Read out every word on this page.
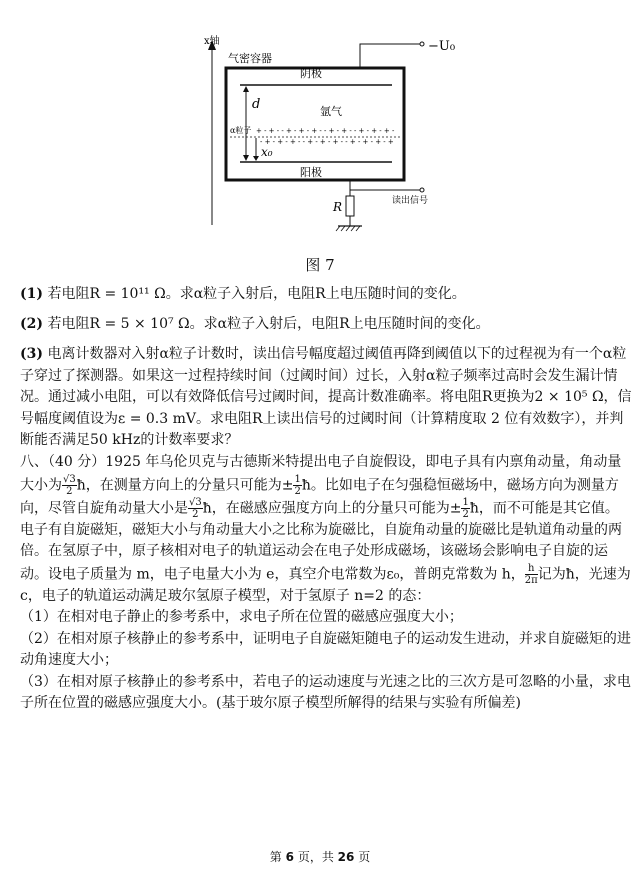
x轴
气密容器
阴极
阳极
氩气
d
x₀
α粒子 + - + - - + - + - + - - + - + - - + - + - + -
- + - + - + - - + - + - + - - + - + - + - +
−U₀
R	读出信号
图 7
(1) 若电阻R = 10¹¹ Ω。求α粒子入射后，电阻R上电压随时间的变化。
(2) 若电阻R = 5 × 10⁷ Ω。求α粒子入射后，电阻R上电压随时间的变化。
(3) 电离计数器对入射α粒子计数时，读出信号幅度超过阈值再降到阈值以下的过程视为有一个α粒子穿过了探测器。如果这一过程持续时间（过阈时间）过长，入射α粒子频率过高时会发生漏计情况。通过减小电阻，可以有效降低信号过阈时间，提高计数准确率。将电阻R更换为2 × 10⁵ Ω，信号幅度阈值设为ε = 0.3 mV。求电阻R上读出信号的过阈时间（计算精度取 2 位有效数字），并判断能否满足50 kHz的计数率要求？
八、（40 分）1925 年乌伦贝克与古德斯米特提出电子自旋假设，即电子具有内禀角动量，角动量大小为 $\frac{√3}{2}$ ħ，在测量方向上的分量只可能为± $\frac{1}{2}$ ħ。比如电子在匀强稳恒磁场中，磁场方向为测量方向，尽管自旋角动量大小是 $\frac{√3}{2}$ ħ，在磁感应强度方向上的分量只可能为± $\frac{1}{2}$ ħ，而不可能是其它值。电子有自旋磁矩，磁矩大小与角动量大小之比称为旋磁比，自旋角动量的旋磁比是轨道角动量的两倍。在氢原子中，原子核相对电子的轨道运动会在电子处形成磁场，该磁场会影响电子自旋的运动。设电子质量为 m，电子电量大小为 e，真空介电常数为ε₀，普朗克常数为 h， $\frac{h}{2\pi}$ 记为ħ，光速为 c，电子的轨道运动满足玻尔氢原子模型，对于氢原子 n=2 的态：
（1）在相对电子静止的参考系中，求电子所在位置的磁感应强度大小；
（2）在相对原子核静止的参考系中，证明电子自旋磁矩随电子的运动发生进动，并求自旋磁矩的进动角速度大小；
（3）在相对原子核静止的参考系中，若电子的运动速度与光速之比的三次方是可忽略的小量，求电子所在位置的磁感应强度大小。(基于玻尔原子模型所解得的结果与实验有所偏差)
第 6 页，共 26 页
